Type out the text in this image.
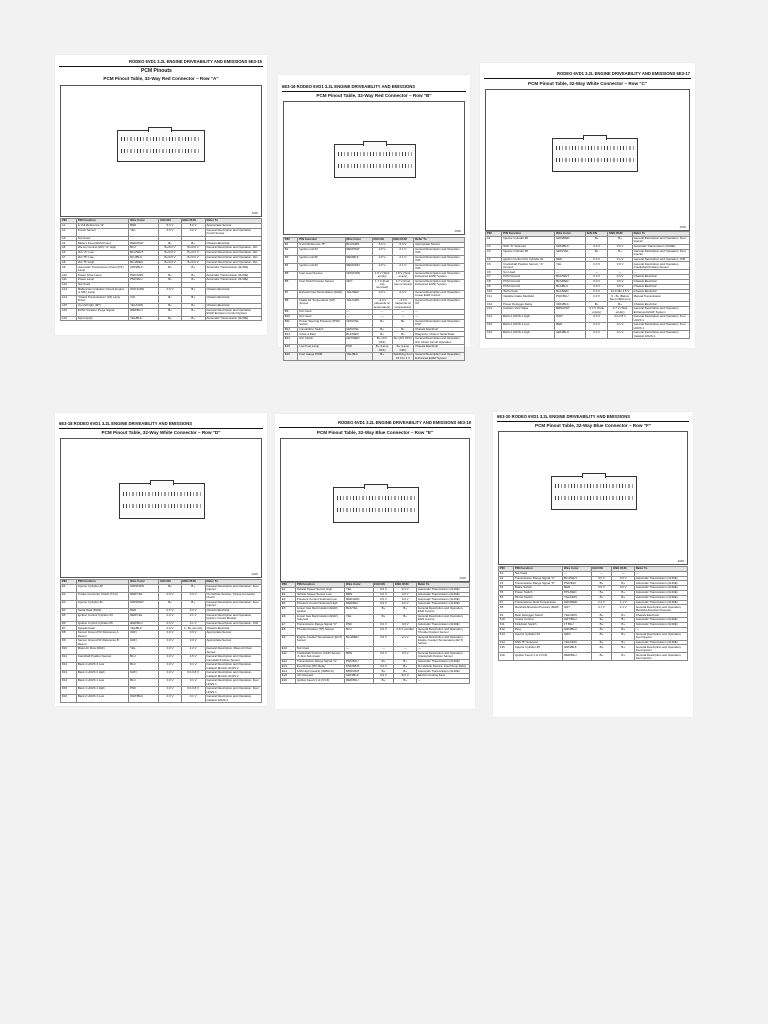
RODEO 6VD1 3.2L ENGINE DRIVEABILITY AND EMISSIONS 6E3-15
PCM Pinouts
PCM Pinout Table, 32-Way Red Connector – Row "A"
####
PIN	PIN Function	Wire Color	IGN ON	ENG RUN	Refer To
A1	A Volt Reference "A"	RED	5.0 V	5.0 V	Appropriate Sensor
A2	Knock Sensor	YEL	0.0 V	0.0 V	General Description and Operation, Knock Sensor
A3	Not Used				
A4	Battery Feed (ECM Fuse)	RED/WHT	B+	B+	Chassis Electrical
A5	Idle Air Control (IAC) "A" High	BLU	B+/0.0 V	B+/0.0 V	General Description and Operation, IAC
A6	IAC "A" Low	BLU/WHT	B+/0.0 V	B+/0.0 V	General Description and Operation, IAC
A7	IAC "B" Low	BLU/BLK	B+/0.0 V	B+/0.0 V	General Description and Operation, IAC
A8	IAC "B" High	BLU/RED	B+/0.0 V	B+/0.0 V	General Description and Operation, IAC
A9	Automatic Transmission Fluid (ATF) Lamp	ORN/BLK	B+	B+	Automatic Transmission (4L30E)
A10	Power Drive Lamp	PNK/GRN	B+	B+	Automatic Transmission (4L30E)
A11	Power Lamp	PNK/BLU	B+	B+	Automatic Transmission (4L30E)
A12	Not Used				
A13	Malfunction Indicator (Check Engine or MIL) Lamp	WHT/GRN	0.0 V	B+	Chassis Electrical
A14	"Check Transmission" (AT) Lamp Driver	VIO	B+	B+	Chassis Electrical
A15	Up-shift light (MT)	YEL/GRN	B+	B+	Chassis Electrical
A16	EVAP Canister Purge Signal	RED/BLU	B+	B+	General Description and Operation, EVAP Emission Control System
A16	Sport Apply	YEL/BLK	B+	B+	Automatic Transmission (4L30E)
6E3-16 RODEO 6VD1 3.2L ENGINE DRIVEABILITY AND EMISSIONS
PCM Pinout Table, 32-Way Red Connector – Row "B"
####
PIN	PIN Function	Wire Color	IGN ON	ENG RUN	Refer To
B1	5 Volt Reference "B"	BLU/GRN	5.0 V	5.0 V	Appropriate Sensor
B2	Ignition coil #4	RED/WHT	0.0 V	0.1 V	General Description and Operation, ICM
B3	Ignition coil #6	RED/BLK	0.0 V	0.1 V	General Description and Operation, ICM
B4	Ignition coil #2	RED/GRN	0.0 V	0.1 V	General Description and Operation, ICM
B5	Fuel Level Sensor	GRN/ORN	1.8 V (Tank empty)	1.8 V (Tank empty)	General Description and Operation, Enhanced EVAP System
B6	Fuel Tank Pressure Sensor	GRY	1.7 V (Fuel cap removed)	1.7 V (Fuel cap removed)	General Description and Operation, Enhanced EVAP System
B7	Exhaust Gas Recirculation (EGR)	YEL/RED	0.0 V	0.0 V	General Description and Operation, Linear EGR Control
B8	Intake Air Temperature (IAT) Sensor	YEL/GRN	~3.0 V (depends on temperature)	~3.0 V (depends on temperature)	General Description and Operation, IAT
B9	Not Used	—	—	—	—
B10	Not Used	—	—	—	—
B11	Power Steering Pressure (PSP) Switch	GRN/YEL	B+	B+	General Description and Operation, PSP
B12	Immobilizer Switch	GRN/YEL	B+	B+	Chassis Electrical
B13	Class 2 Data	BLK/RED	B+	B+	Diagnosis, Class 2 Serial Data
B14	A/C Clutch	GRY/RED	B+ (A/C OFF)	B+ (A/C OFF)	General Description and Operation, A/C Clutch Circuit Operation
B15	Low Fuel Lamp	PNK	B+ (Lamp OFF)	B+ (Lamp OFF)	Chassis Electrical
B16	Fuel Gauge PWM	YEL/BLK	B+	Switching from 15.0 to 2 V	General Description and Operation, Enhanced EVAP System
RODEO 6VD1 3.2L ENGINE DRIVEABILITY AND EMISSIONS 6E3-17
PCM Pinout Table, 32-Way White Connector – Row "C"
####
PIN	PIN Function	Wire Color	IGN ON	ENG RUN	Refer To
C1	Injector Cylinder #6	GRN/RED	B+	B+	General Description and Operation, Fuel Injector
C2	Shift "A" Solenoid	GRN/BLK	0.0 V	0.0 V	Automatic Transmission (4L30E)
C3	Injector Cylinder #6	GRN/YEL	B+	B+	General Description and Operation, Fuel Injector
C4	Ignition Control (IC) Cylinder #1	RED	0.0 V	0.1 V	General Description and Operation, ICM
C5	Crankshaft Position Sensor, "A" Ground	YEL	0.0 V	0.0 V	General Description and Operation, Crankshaft Position Sensor
C6	Not Used	—	—	—	—
C7	PCM Ground	BLK/WHT	0.0 V	0.0 V	Chassis Electrical
C8	PCM Ground	BLK/RED	0.0 V	0.0 V	Chassis Electrical
C9	PCM Ground	BLK/BLU	0.0 V	0.0 V	Chassis Electrical
C10	Tachometer	BLK/RED	0.0 V	12.0 idle 4.5 V	Chassis Electrical
C11	Variable Intake Manifold	PNK/BLU	0.0 V	0 - B+ (Below Seen 3000 rpm)	Manual Transmission
C12	Power Defogger Relay	ORN/BLK	B+	B+	Chassis Electrical
C13	Canister Vent Valve	BRN/WHT	0.0 V (Tank empty)	0.7 V (Tank empty)	General Description and Operation, Enhanced EVAP System
C14	Bank 2 HO2S 1 High	WHT	0.0 V	0.0-0.8 V	General Description and Operation, Fuel HO2S 1
C15	Bank 2 HO2S 1 Low	RED	0.0 V	0.1 V	General Description and Operation, Fuel HO2S 1
C16	Bank 2 HO2S 2 High	GRN/BLU	0.0 V	0.1 V	General Description and Operation, Catalyst HO2S 2
6E3-18 RODEO 6VD1 3.2L ENGINE DRIVEABILITY AND EMISSIONS
PCM Pinout Table, 32-Way White Connector – Row "D"
####
PIN	PIN Function	Wire Color	IGN ON	ENG RUN	Refer To
D1	Injector Cylinder #2	GRN/ORN	B+	B+	General Description and Operation, Fuel Injector
D2	Torque Converter Clutch (TCC)	RED/YEL	0.0 V	0.0 V	On-Vehicle Service, Torque Converter Clutch
D3	Injector Cylinder #1	GRN/WHT	B+	B+	General Description and Operation, Fuel Injector
D4	Serial Data (8192)	RED	0.0 V	0.0 V	Chassis Electrical
D5	Ignition Control Cylinder #3	RED/YEL	0.0 V	0.1 V	General Description and Operation, Ignition Control Module
D6	Ignition Control Cylinder #5	RED/BLU	0.0 V	0.1 V	General Description and Operation, ICM
D7	Speedometer	YEL/BLK	0.0 V	0 - B+ (at rest)	Chassis Electrical
D8	Sensor Ground 5V Reference A Return	GRN	0.0 V	0.0 V	Appropriate Sensor
D9	Sensor Ground 5V Reference B Return	GRN	0.0 V	0.0 V	Appropriate Sensor
D10	Mass Air Flow (MAF)	YEL	0.0 V	4.2 V	General Description, Mass Air Flow Sensor
D11	Camshaft Position Sensor	BLU	0.0 V	4.5 V	General Description and Operation, Camshaft Position Sensor
D12	Bank 1 HO2S 2 Low	BLU	0.0 V	0.1 V	General Description and Operation, Catalyst Monitor HO2S 2
D13	Bank 1 HO2S 2 High	GRN	0.0 V	0.0-0.8 V	General Description and Operation, Catalyst Monitor HO2S 2
D14	Bank 1 HO2S 1 Low	BLU	0.0 V	0.1 V	General Description and Operation, Fuel HO2S 1
D15	Bank 1 HO2S 1 High	PNK	0.0 V	0.0-0.8 V	General Description and Operation, Fuel HO2S 1
D16	Bank 2 HO2S 2 Low	WHT/BLU	0.0 V	0.1 V	General Description and Operation, Catalyst HO2S 2
RODEO 6VD1 3.2L ENGINE DRIVEABILITY AND EMISSIONS 6E3-19
PCM Pinout Table, 32-Way Blue Connector – Row "E"
####
PIN	PIN Function	Wire Color	IGN ON	ENG RUN	Refer To
E1	Vehicle Speed Sensor High	YEL	0.0 V	0.1 V	Automatic Transmission (4L30E)
E2	Vehicle Speed Sensor Low	BRN	0.0 V	0.0 V	Automatic Transmission (4L30E)
E3	Pressure Control Solenoid Low	RED/GRN	0.0 V	0.0 V	Automatic Transmission (4L30E)
E4	Pressure Control Solenoid High	RED/BLK	0.0 V	0.0 V	Automatic Transmission (4L30E)
E5	Linear Gas Recirculation (EGR) Ignition	BLK/YEL	B+	B+	General Description and Operation, EGR Control
E6	Linear Gas Recirculation (EGR) Solenoid	YEL	B+	B+	General Description and Operation, EGR Control
E7	Transmission Range Signal "C"	PNK	0.0 V	0.0 V	Automatic Transmission (4L30E)
E8	Throttle Position (TP) Sensor	BLU	0.0 V	0.6 V (at idle)	General Description and Operation, Throttle Position Sensor
E9	Engine Coolant Temperature (ECT) Sensor	BLU/RED	2.5 V	2.1 V	General Description and Operation, Engine Coolant Temperature (ECT) Sensor
E10	Not Used	—	—	—	—
E11	Crankshaft Position (CKP) Sensor 'A' Anti-Terminator	BRN	0.0 V	0.0 V	General Description and Operation, Crankshaft Position Sensor
E12	Transmission Range Signal "A"	PNK/BLU	B+	B+	Automatic Transmission (4L30E)
E13	Fuel Pump (FP) Relay	PNK/WHT	0.0 V	B+	On-Vehicle Service, Fuel Pump Relay
E14	Shift High (Gear2) (4WD/LO)	BRN/WHT	B+	B+	Automatic Transmission (4L30E)
E15	A/C Request	GRN/BLK	0.0 V	B.0 V	Electric Cooling Fans
E16	Ignition Feed (1 of 2 F16)	RED/BLU	B+	B+	—
6E3-20 RODEO 6VD1 3.2L ENGINE DRIVEABILITY AND EMISSIONS
PCM Pinout Table, 32-Way Blue Connector – Row "F"
####
PIN	PIN Function	Wire Color	IGN ON	ENG RUN	Refer To
F1	Not Used	—	—	—	—
F2	Transmission Range Signal "C"	BLU/WHT	0.0 V	0.0 V	Automatic Transmission (4L30E)
F3	Transmission Range Signal "P"	PNK/BLK	B+	B+	Automatic Transmission (4L30E)
F4	Brake Switch	RED	0.0 V	0.0 V	Automatic Transmission (4L30E)
F5	Power Switch	PPL/RED	B+	B+	Automatic Transmission (4L30E)
F6	Winter Switch	YEL/GRN	B+	B+	Automatic Transmission (4L30E)
F7	Transmission Fluid Temperature	GRN/RED	2.2 V	1.1 V	Automatic Transmission (4L30E)
F8	Manifold Absolute Pressure (MAP)	GRY	4.7 V	1.1 V	General Description and Operation, Manifold Absolute Pressure
F9	Rear Defogger Switch	YEL/GRN	B+	B+	Chassis Electrical
F10	Cruise Control	GRY/BLU	B+	B+	Automatic Transmission (4L30E)
F11	Kickdown Switch	LT BLU	B+	B+	Automatic Transmission (4L30E)
F12	Ring	GRN/BLU	B+	B+	—
F13	Injector Cylinder #3	GRN	B+	B+	General Description and Operation, Fuel Injector
F14	Shift "B" Solenoid	YEL/GRN	B+	B+	Automatic Transmission (4L30E)
F15	Injector Cylinder #5	GRN/BLK	B+	B+	General Description and Operation, Fuel Injector
F16	Ignition Feed (1 of 2 F16)	RED/BLU	B+	B+	General Description and Operation, Fuel Injector
